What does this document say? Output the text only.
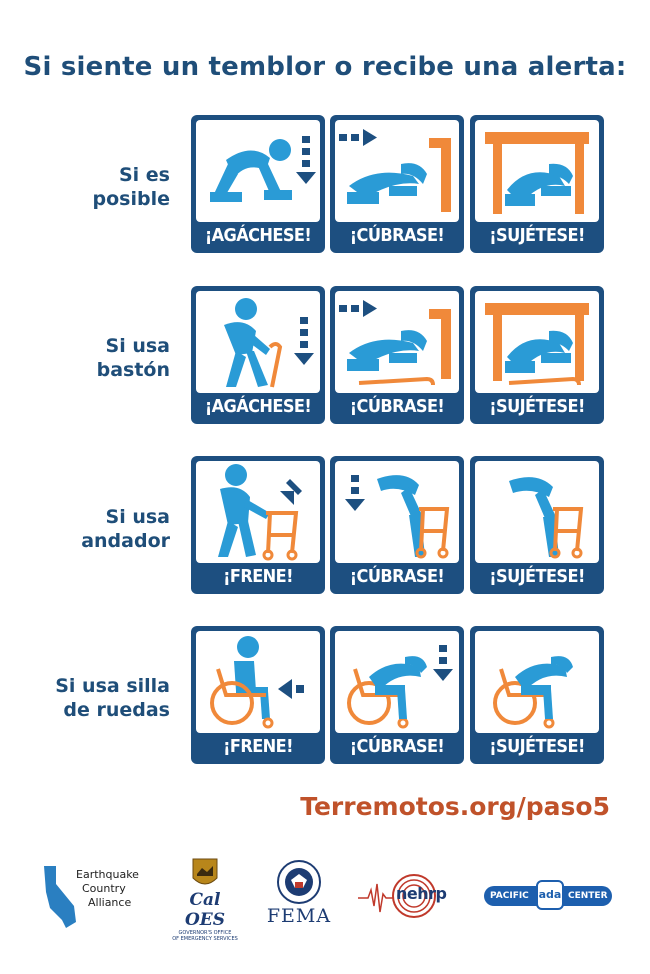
Si siente un temblor o recibe una alerta:
Si es
posible
Si usa
bastón
Si usa
andador
Si usa silla
de ruedas
¡AGÁCHESE!	¡CÚBRASE!	¡SUJÉTESE!
¡AGÁCHESE!	¡CÚBRASE!	¡SUJÉTESE!
¡FRENE!	¡CÚBRASE!	¡SUJÉTESE!
¡FRENE!	¡CÚBRASE!	¡SUJÉTESE!
Terremotos.org/paso5
Earthquake
Country
Alliance	Cal OES
GOVERNOR'S OFFICE
OF EMERGENCY SERVICES
FEMA
nehrp	PACIFIC ada CENTER
